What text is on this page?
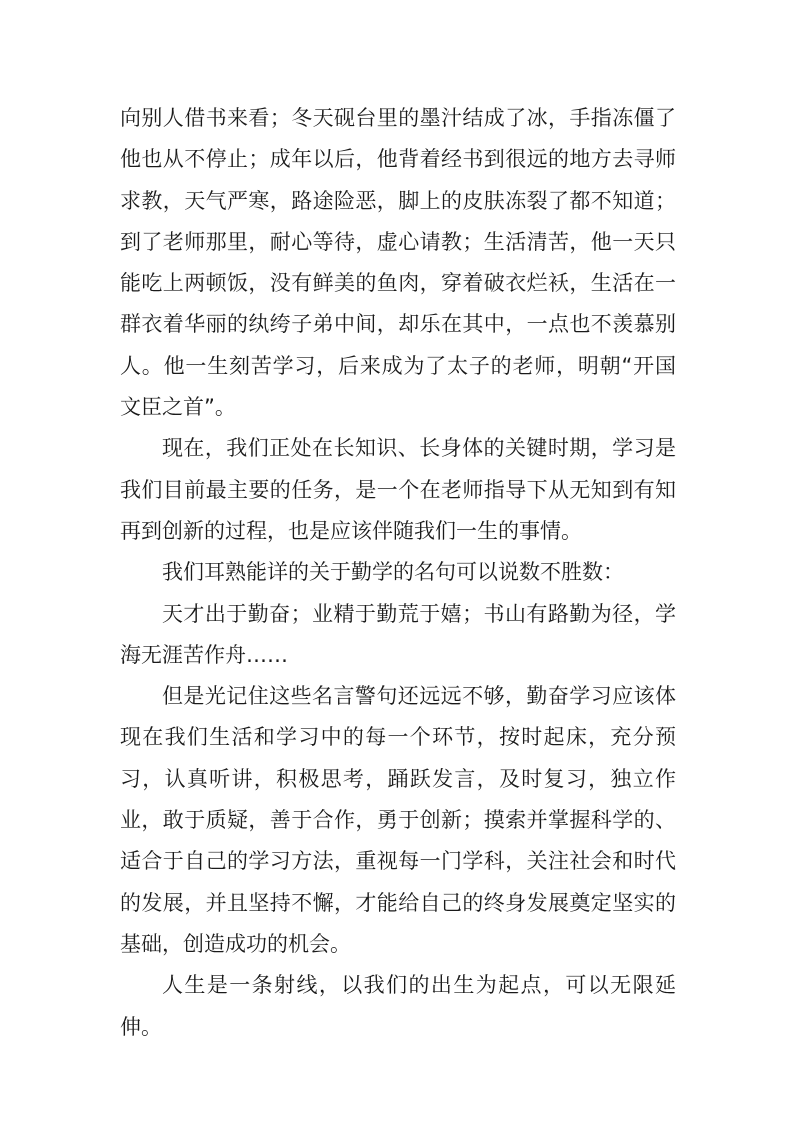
向别人借书来看；冬天砚台里的墨汁结成了冰，手指冻僵了他也从不停止；成年以后，他背着经书到很远的地方去寻师求教，天气严寒，路途险恶，脚上的皮肤冻裂了都不知道；到了老师那里，耐心等待，虚心请教；生活清苦，他一天只能吃上两顿饭，没有鲜美的鱼肉，穿着破衣烂袄，生活在一群衣着华丽的纨绔子弟中间，却乐在其中，一点也不羡慕别人。他一生刻苦学习，后来成为了太子的老师，明朝“开国文臣之首”。

现在，我们正处在长知识、长身体的关键时期，学习是我们目前最主要的任务，是一个在老师指导下从无知到有知再到创新的过程，也是应该伴随我们一生的事情。

我们耳熟能详的关于勤学的名句可以说数不胜数：

天才出于勤奋；业精于勤荒于嬉；书山有路勤为径，学海无涯苦作舟……

但是光记住这些名言警句还远远不够，勤奋学习应该体现在我们生活和学习中的每一个环节，按时起床，充分预习，认真听讲，积极思考，踊跃发言，及时复习，独立作业，敢于质疑，善于合作，勇于创新；摸索并掌握科学的、适合于自己的学习方法，重视每一门学科，关注社会和时代的发展，并且坚持不懈，才能给自己的终身发展奠定坚实的基础，创造成功的机会。

人生是一条射线，以我们的出生为起点，可以无限延伸。
